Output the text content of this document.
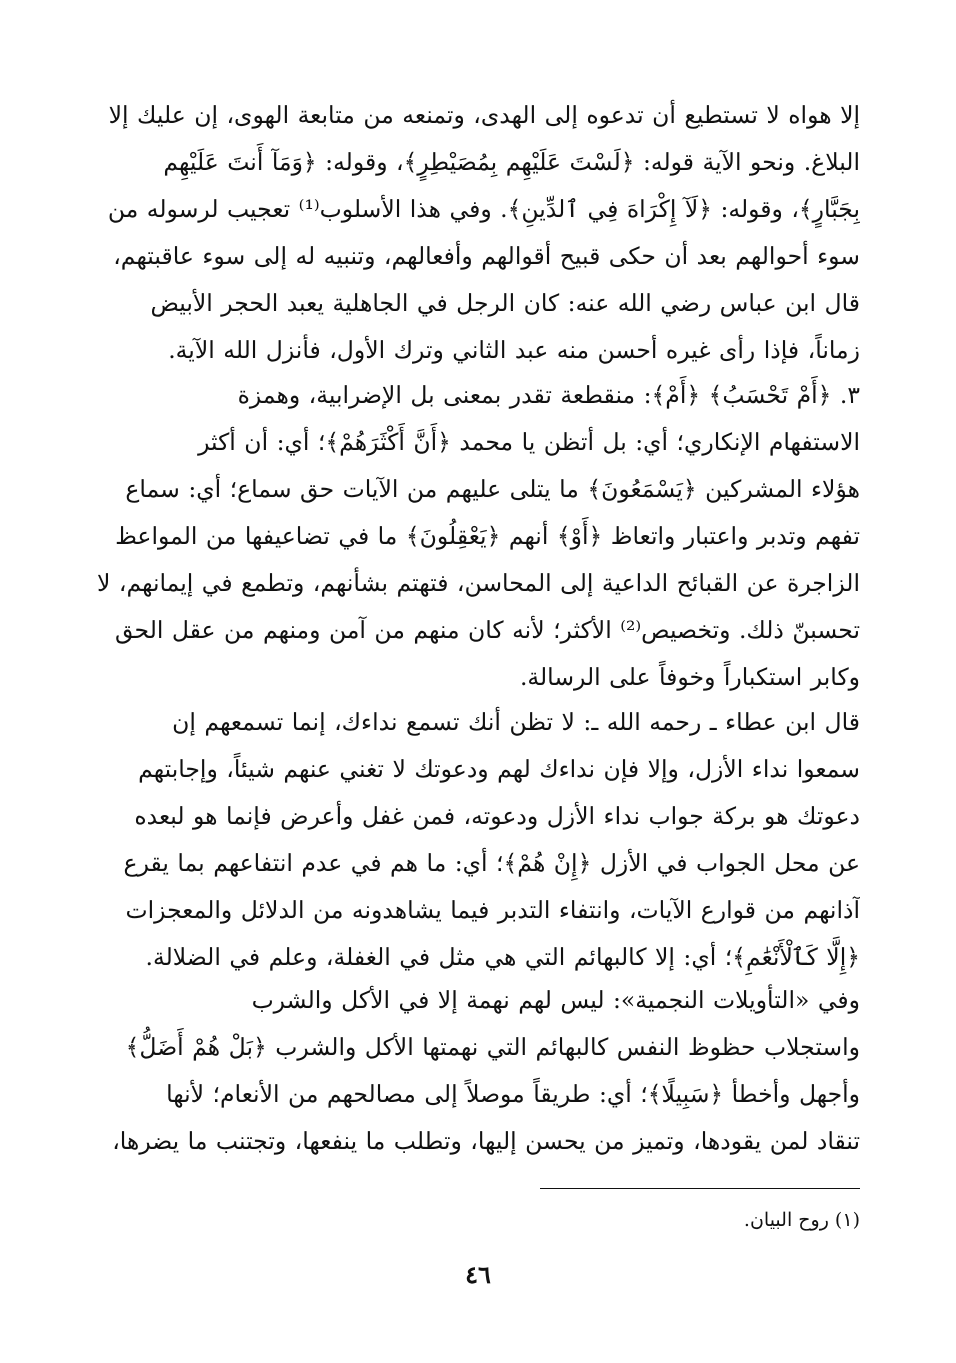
إلا هواه لا تستطيع أن تدعوه إلى الهدى، وتمنعه من متابعة الهوى، إن عليك إلا
البلاغ. ونحو الآية قوله: ﴿لَسْتَ عَلَيْهِم بِمُصَيْطِرٍ﴾، وقوله: ﴿وَمَآ أَنتَ عَلَيْهِم
بِجَبَّارٍ﴾، وقوله: ﴿لَآ إِكْرَاهَ فِي ٱلدِّينِ﴾. وفي هذا الأسلوب⁽¹⁾ تعجيب لرسوله من
سوء أحوالهم بعد أن حكى قبيح أقوالهم وأفعالهم، وتنبيه له إلى سوء عاقبتهم،
قال ابن عباس رضي الله عنه: كان الرجل في الجاهلية يعبد الحجر الأبيض
زماناً، فإذا رأى غيره أحسن منه عبد الثاني وترك الأول، فأنزل الله الآية.
٣. ﴿أَمْ تَحْسَبُ﴾ ﴿أَمْ﴾: منقطعة تقدر بمعنى بل الإضرابية، وهمزة
الاستفهام الإنكاري؛ أي: بل أتظن يا محمد ﴿أَنَّ أَكْثَرَهُمْ﴾؛ أي: أن أكثر
هؤلاء المشركين ﴿يَسْمَعُونَ﴾ ما يتلى عليهم من الآيات حق سماع؛ أي: سماع
تفهم وتدبر واعتبار واتعاظ ﴿أَوْ﴾ أنهم ﴿يَعْقِلُونَ﴾ ما في تضاعيفها من المواعظ
الزاجرة عن القبائح الداعية إلى المحاسن، فتهتم بشأنهم، وتطمع في إيمانهم، لا
تحسبنّ ذلك. وتخصيص⁽²⁾ الأكثر؛ لأنه كان منهم من آمن ومنهم من عقل الحق
وكابر استكباراً وخوفاً على الرسالة.
قال ابن عطاء ـ رحمه الله ـ: لا تظن أنك تسمع نداءك، إنما تسمعهم إن
سمعوا نداء الأزل، وإلا فإن نداءك لهم ودعوتك لا تغني عنهم شيئاً، وإجابتهم
دعوتك هو بركة جواب نداء الأزل ودعوته، فمن غفل وأعرض فإنما هو لبعده
عن محل الجواب في الأزل ﴿إِنْ هُمْ﴾؛ أي: ما هم في عدم انتفاعهم بما يقرع
آذانهم من قوارع الآيات، وانتفاء التدبر فيما يشاهدونه من الدلائل والمعجزات
﴿إِلَّا كَٱلْأَنْعَٰمِ﴾؛ أي: إلا كالبهائم التي هي مثل في الغفلة، وعلم في الضلالة.
وفي «التأويلات النجمية»: ليس لهم نهمة إلا في الأكل والشرب
واستجلاب حظوظ النفس كالبهائم التي نهمتها الأكل والشرب ﴿بَلْ هُمْ أَضَلُّ﴾
وأجهل وأخطأ ﴿سَبِيلًا﴾؛ أي: طريقاً موصلاً إلى مصالحهم من الأنعام؛ لأنها
تنقاد لمن يقودها، وتميز من يحسن إليها، وتطلب ما ينفعها، وتجتنب ما يضرها،
(١) روح البيان.
٤٦
